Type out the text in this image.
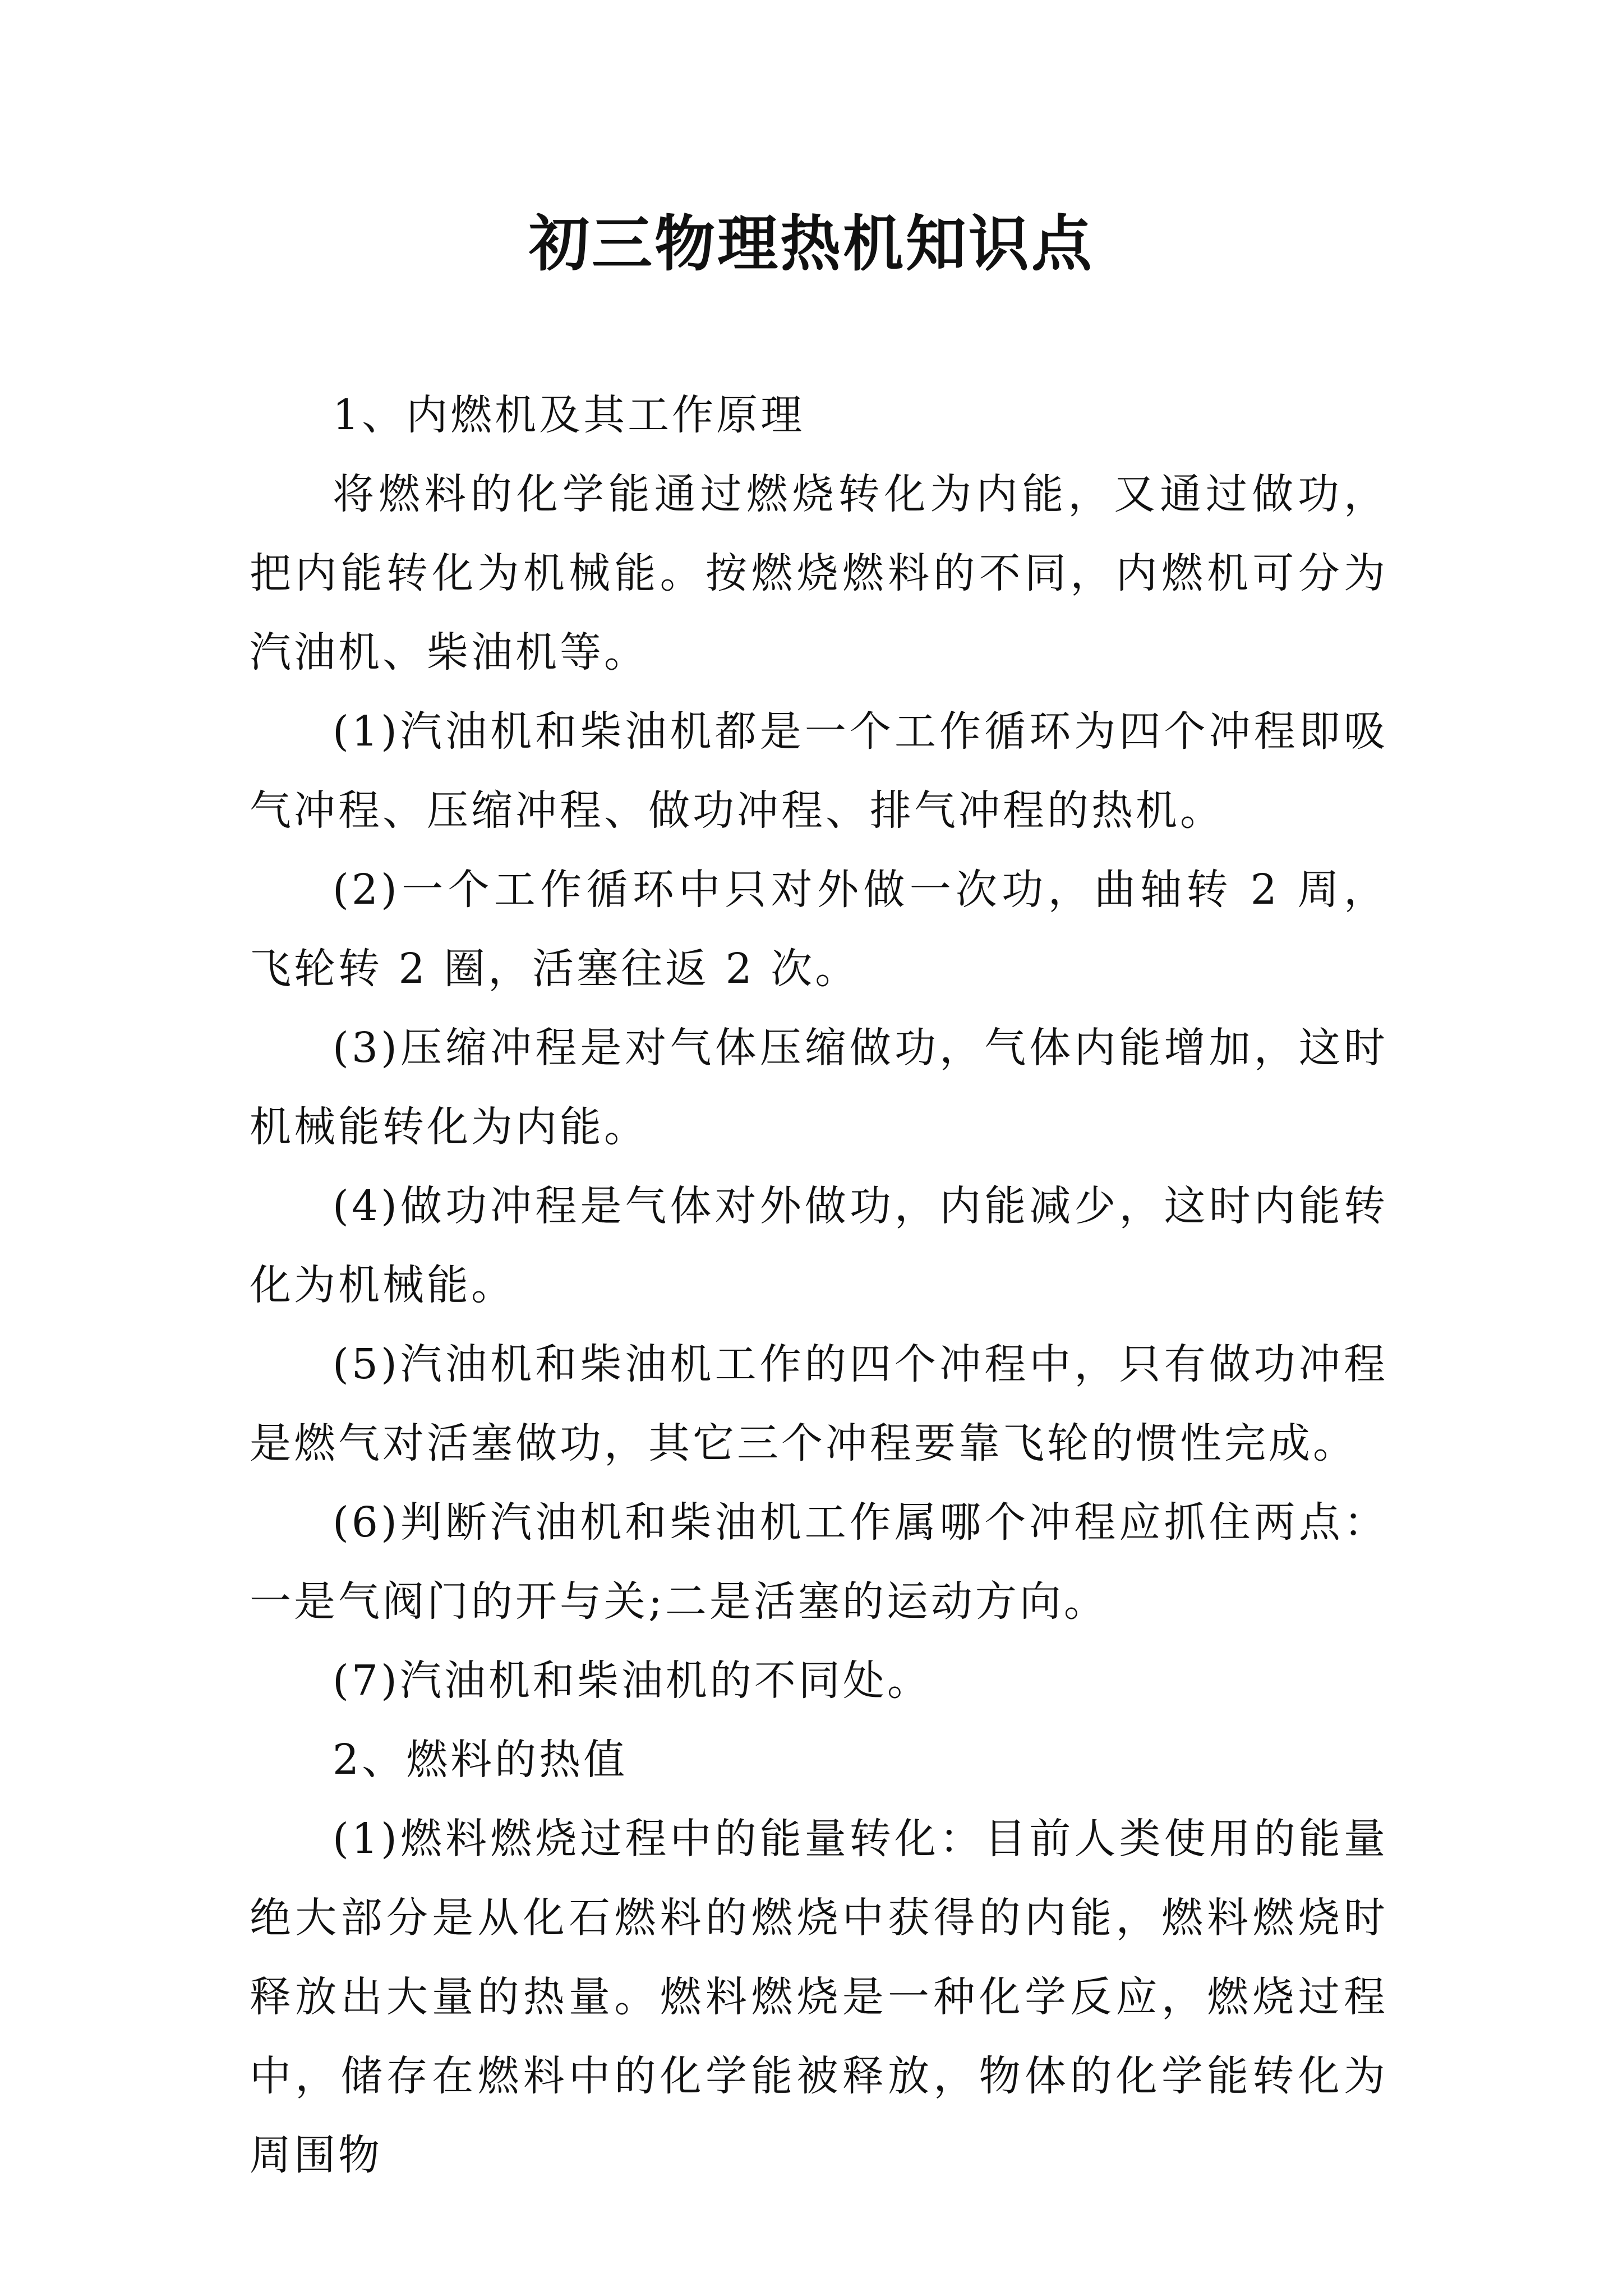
初三物理热机知识点

1、内燃机及其工作原理

将燃料的化学能通过燃烧转化为内能，又通过做功，把内能转化为机械能。按燃烧燃料的不同，内燃机可分为汽油机、柴油机等。

(1)汽油机和柴油机都是一个工作循环为四个冲程即吸气冲程、压缩冲程、做功冲程、排气冲程的热机。

(2)一个工作循环中只对外做一次功，曲轴转 2 周，飞轮转 2 圈，活塞往返 2 次。

(3)压缩冲程是对气体压缩做功，气体内能增加，这时机械能转化为内能。

(4)做功冲程是气体对外做功，内能减少，这时内能转化为机械能。

(5)汽油机和柴油机工作的四个冲程中，只有做功冲程是燃气对活塞做功，其它三个冲程要靠飞轮的惯性完成。

(6)判断汽油机和柴油机工作属哪个冲程应抓住两点：一是气阀门的开与关;二是活塞的运动方向。

(7)汽油机和柴油机的不同处。

2、燃料的热值

(1)燃料燃烧过程中的能量转化：目前人类使用的能量绝大部分是从化石燃料的燃烧中获得的内能，燃料燃烧时释放出大量的热量。燃料燃烧是一种化学反应，燃烧过程中，储存在燃料中的化学能被释放，物体的化学能转化为周围物
